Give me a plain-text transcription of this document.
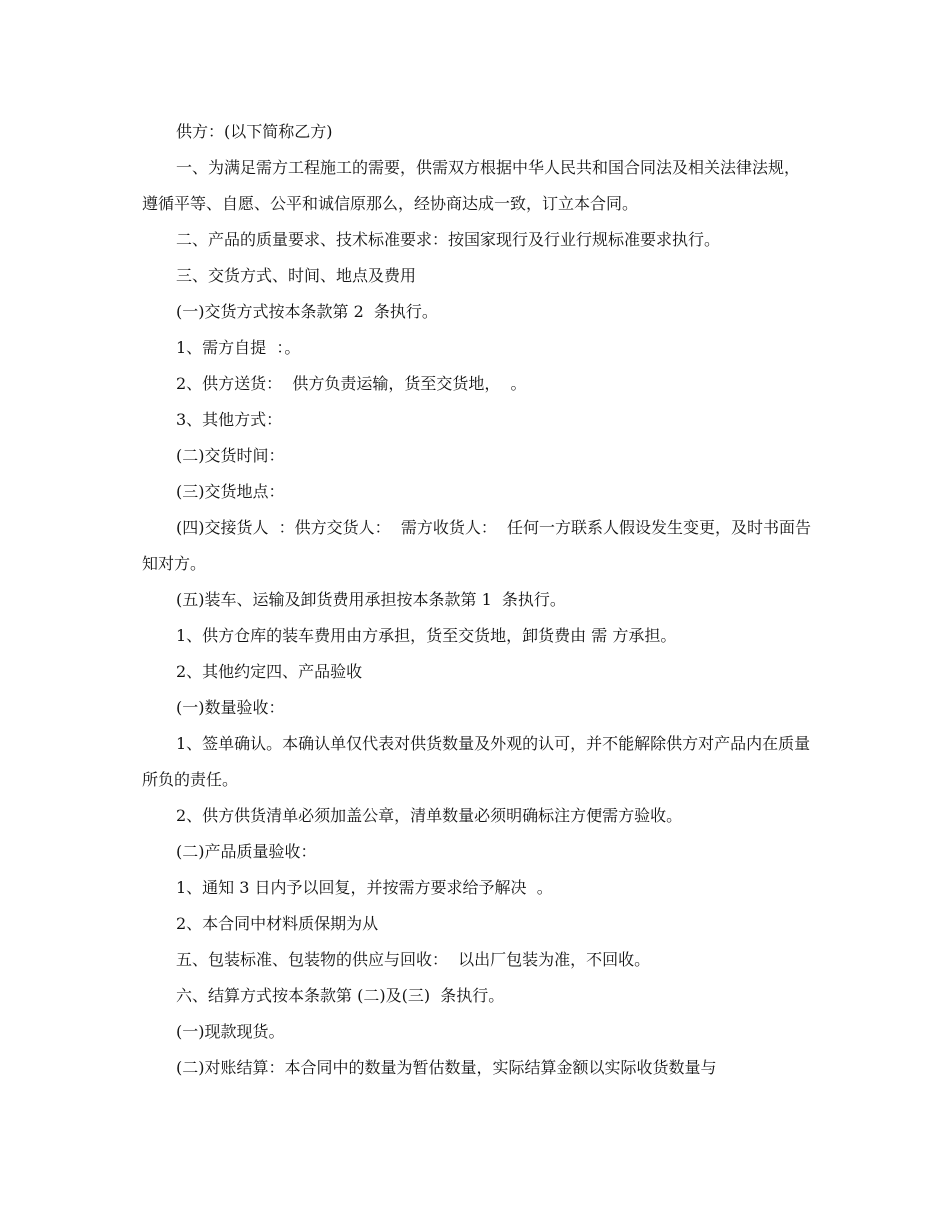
供方：(以下简称乙方)

一、为满足需方工程施工的需要，供需双方根据中华人民共和国合同法及相关法律法规，遵循平等、自愿、公平和诚信原那么，经协商达成一致，订立本合同。

二、产品的质量要求、技术标准要求：按国家现行及行业行规标准要求执行。

三、交货方式、时间、地点及费用

(一)交货方式按本条款第 2  条执行。

1、需方自提  ：。

2、供方送货：  供方负责运输，货至交货地，  。

3、其他方式：

(二)交货时间：

(三)交货地点：

(四)交接货人  ：供方交货人：  需方收货人：  任何一方联系人假设发生变更，及时书面告知对方。

(五)装车、运输及卸货费用承担按本条款第 1  条执行。

1、供方仓库的装车费用由方承担，货至交货地，卸货费由 需 方承担。

2、其他约定四、产品验收

(一)数量验收：

1、签单确认。本确认单仅代表对供货数量及外观的认可，并不能解除供方对产品内在质量所负的责任。

2、供方供货清单必须加盖公章，清单数量必须明确标注方便需方验收。

(二)产品质量验收：

1、通知 3 日内予以回复，并按需方要求给予解决  。

2、本合同中材料质保期为从

五、包装标准、包装物的供应与回收：  以出厂包装为准，不回收。

六、结算方式按本条款第 (二)及(三)  条执行。

(一)现款现货。

(二)对账结算：本合同中的数量为暂估数量，实际结算金额以实际收货数量与
